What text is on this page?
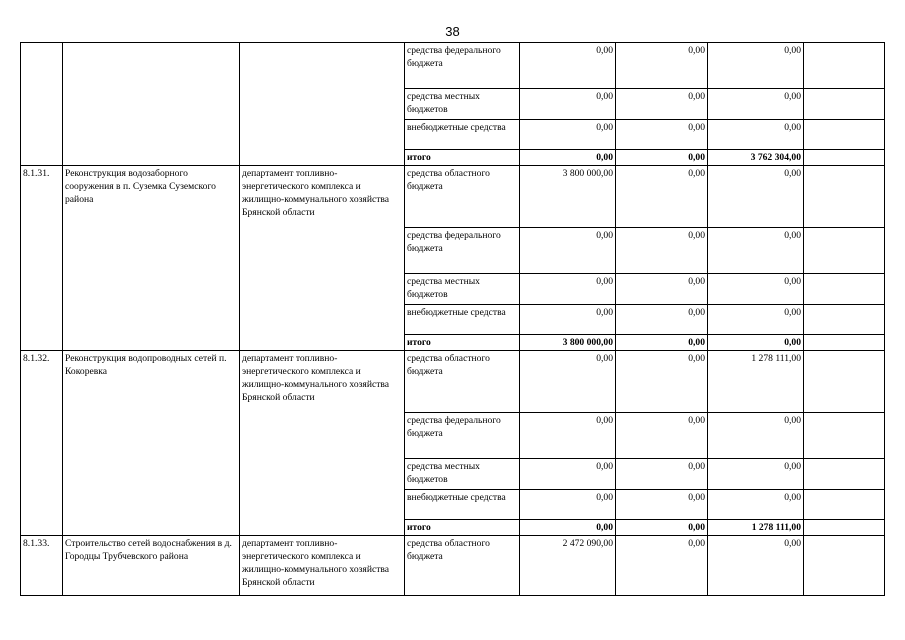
38
			средства федерального бюджета	0,00	0,00	0,00	
			средства местных бюджетов	0,00	0,00	0,00	
			внебюджетные средства	0,00	0,00	0,00	
			итого	0,00	0,00	3 762 304,00	
8.1.31.	Реконструкция водозаборного сооружения в п. Суземка Суземского района	департамент топливно-энергетического комплекса и жилищно-коммунального хозяйства Брянской области	средства областного бюджета	3 800 000,00	0,00	0,00	
			средства федерального бюджета	0,00	0,00	0,00	
			средства местных бюджетов	0,00	0,00	0,00	
			внебюджетные средства	0,00	0,00	0,00	
			итого	3 800 000,00	0,00	0,00	
8.1.32.	Реконструкция водопроводных сетей п. Кокоревка	департамент топливно-энергетического комплекса и жилищно-коммунального хозяйства Брянской области	средства областного бюджета	0,00	0,00	1 278 111,00	
			средства федерального бюджета	0,00	0,00	0,00	
			средства местных бюджетов	0,00	0,00	0,00	
			внебюджетные средства	0,00	0,00	0,00	
			итого	0,00	0,00	1 278 111,00	
8.1.33.	Строительство сетей водоснабжения в д. Городцы Трубчевского района	департамент топливно-энергетического комплекса и жилищно-коммунального хозяйства Брянской области	средства областного бюджета	2 472 090,00	0,00	0,00	
